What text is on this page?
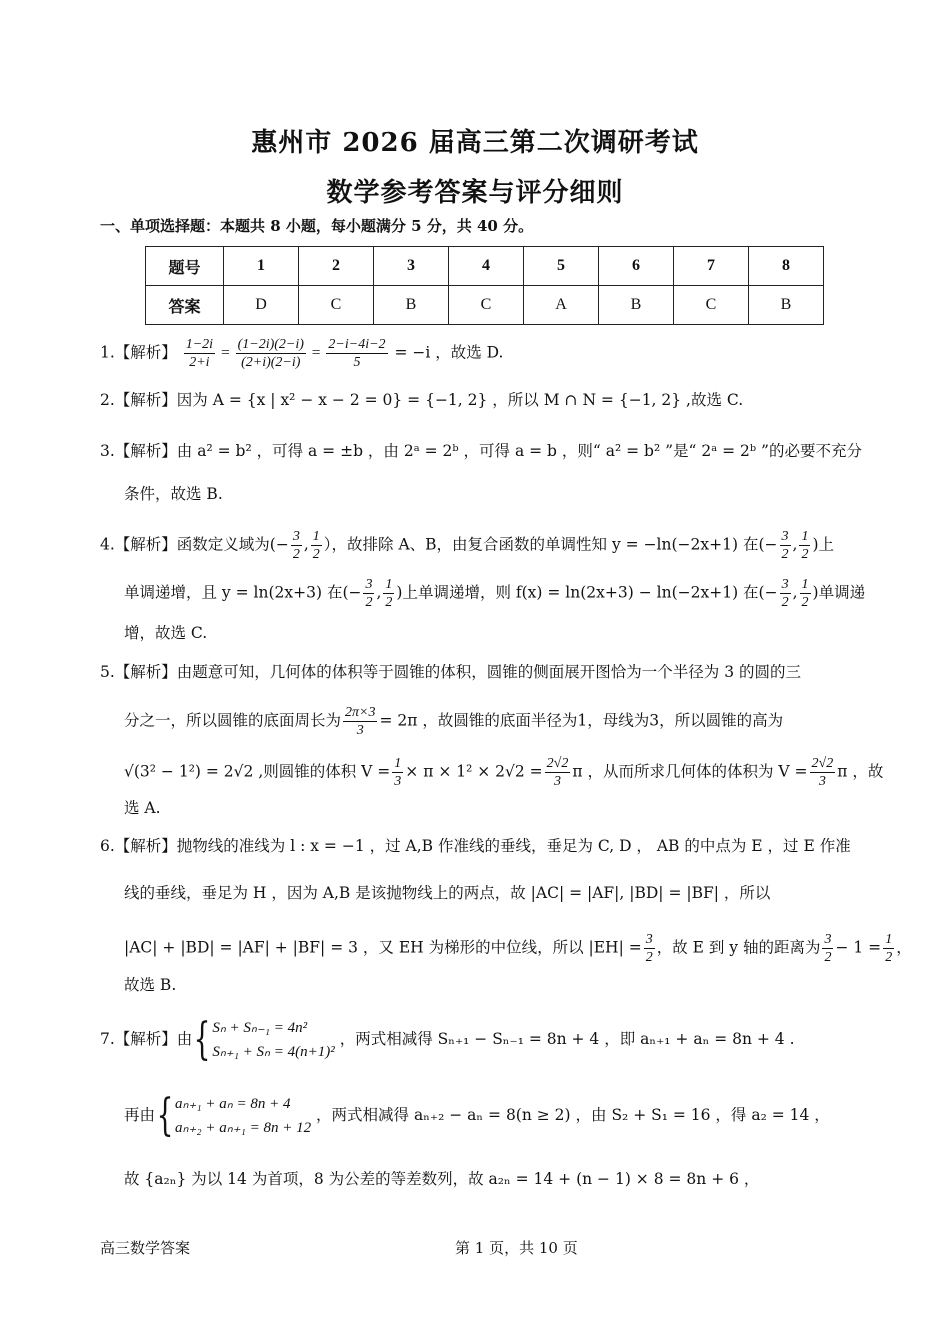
惠州市 2026 届高三第二次调研考试
数学参考答案与评分细则
一、单项选择题：本题共 8 小题，每小题满分 5 分，共 40 分。
题号	1	2	3	4	5	6	7	8
答案	D	C	B	C	A	B	C	B
1.【解析】 $\frac{1-2i}{2+i} = \frac{(1-2i)(2-i)}{(2+i)(2-i)} = \frac{2-i-4i-2}{5} = -i$ ，故选 D.
2.【解析】因为 A = {x | x² − x − 2 = 0} = {−1, 2} ，所以 M ∩ N = {−1, 2} ,故选 C.
3.【解析】由 a² = b² ，可得 a = ±b ，由 2ᵃ = 2ᵇ ，可得 a = b ，则“ a² = b² ”是“ 2ᵃ = 2ᵇ ”的必要不充分
条件，故选 B.
4.【解析】函数定义域为(− $\frac{3}{2}$ , $\frac{1}{2}$ ），故排除 A、B，由复合函数的单调性知 y = −ln(−2x+1) 在(− $\frac{3}{2}$ , $\frac{1}{2}$ )上
单调递增，且 y = ln(2x+3) 在(− $\frac{3}{2}$ , $\frac{1}{2}$ )上单调递增，则 f(x) = ln(2x+3) − ln(−2x+1) 在(− $\frac{3}{2}$ , $\frac{1}{2}$ )单调递
增，故选 C.
5.【解析】由题意可知，几何体的体积等于圆锥的体积，圆锥的侧面展开图恰为一个半径为 3 的圆的三
分之一，所以圆锥的底面周长为 $\frac{2\pi\times 3}{3} = 2\pi$ ，故圆锥的底面半径为1，母线为3，所以圆锥的高为
√(3² − 1²) = 2√2 ,则圆锥的体积 $V = \frac{1}{3} \times \pi \times 1^2 \times 2√2 = \frac{2√2}{3}$ π ，从而所求几何体的体积为 $V = \frac{2√2}{3}$ π ，故
选 A.
6.【解析】抛物线的准线为 l : x = −1 ，过 A,B 作准线的垂线，垂足为 C, D ， AB 的中点为 E ，过 E 作准
线的垂线，垂足为 H ，因为 A,B 是该抛物线上的两点，故 |AC| = |AF|, |BD| = |BF| ，所以
|AC| + |BD| = |AF| + |BF| = 3 ，又 EH 为梯形的中位线，所以 $|EH| = \frac{3}{2}$ ，故 E 到 y 轴的距离为 $\frac{3}{2} - 1 = \frac{1}{2}$ ，
故选 B.
7.【解析】由{ Sₙ + Sₙ₋₁ = 4n²
Sₙ₊₁ + Sₙ = 4(n+1)²
，两式相减得 Sₙ₊₁ − Sₙ₋₁ = 8n + 4 ，即 aₙ₊₁ + aₙ = 8n + 4 .
再由{ aₙ₊₁ + aₙ = 8n + 4
aₙ₊₂ + aₙ₊₁ = 8n + 12
，两式相减得 aₙ₊₂ − aₙ = 8(n ≥ 2) ，由 S₂ + S₁ = 16 ，得 a₂ = 14 ，
故 {a₂ₙ} 为以 14 为首项，8 为公差的等差数列，故 a₂ₙ = 14 + (n − 1) × 8 = 8n + 6 ，
高三数学答案	第 1 页，共 10 页
